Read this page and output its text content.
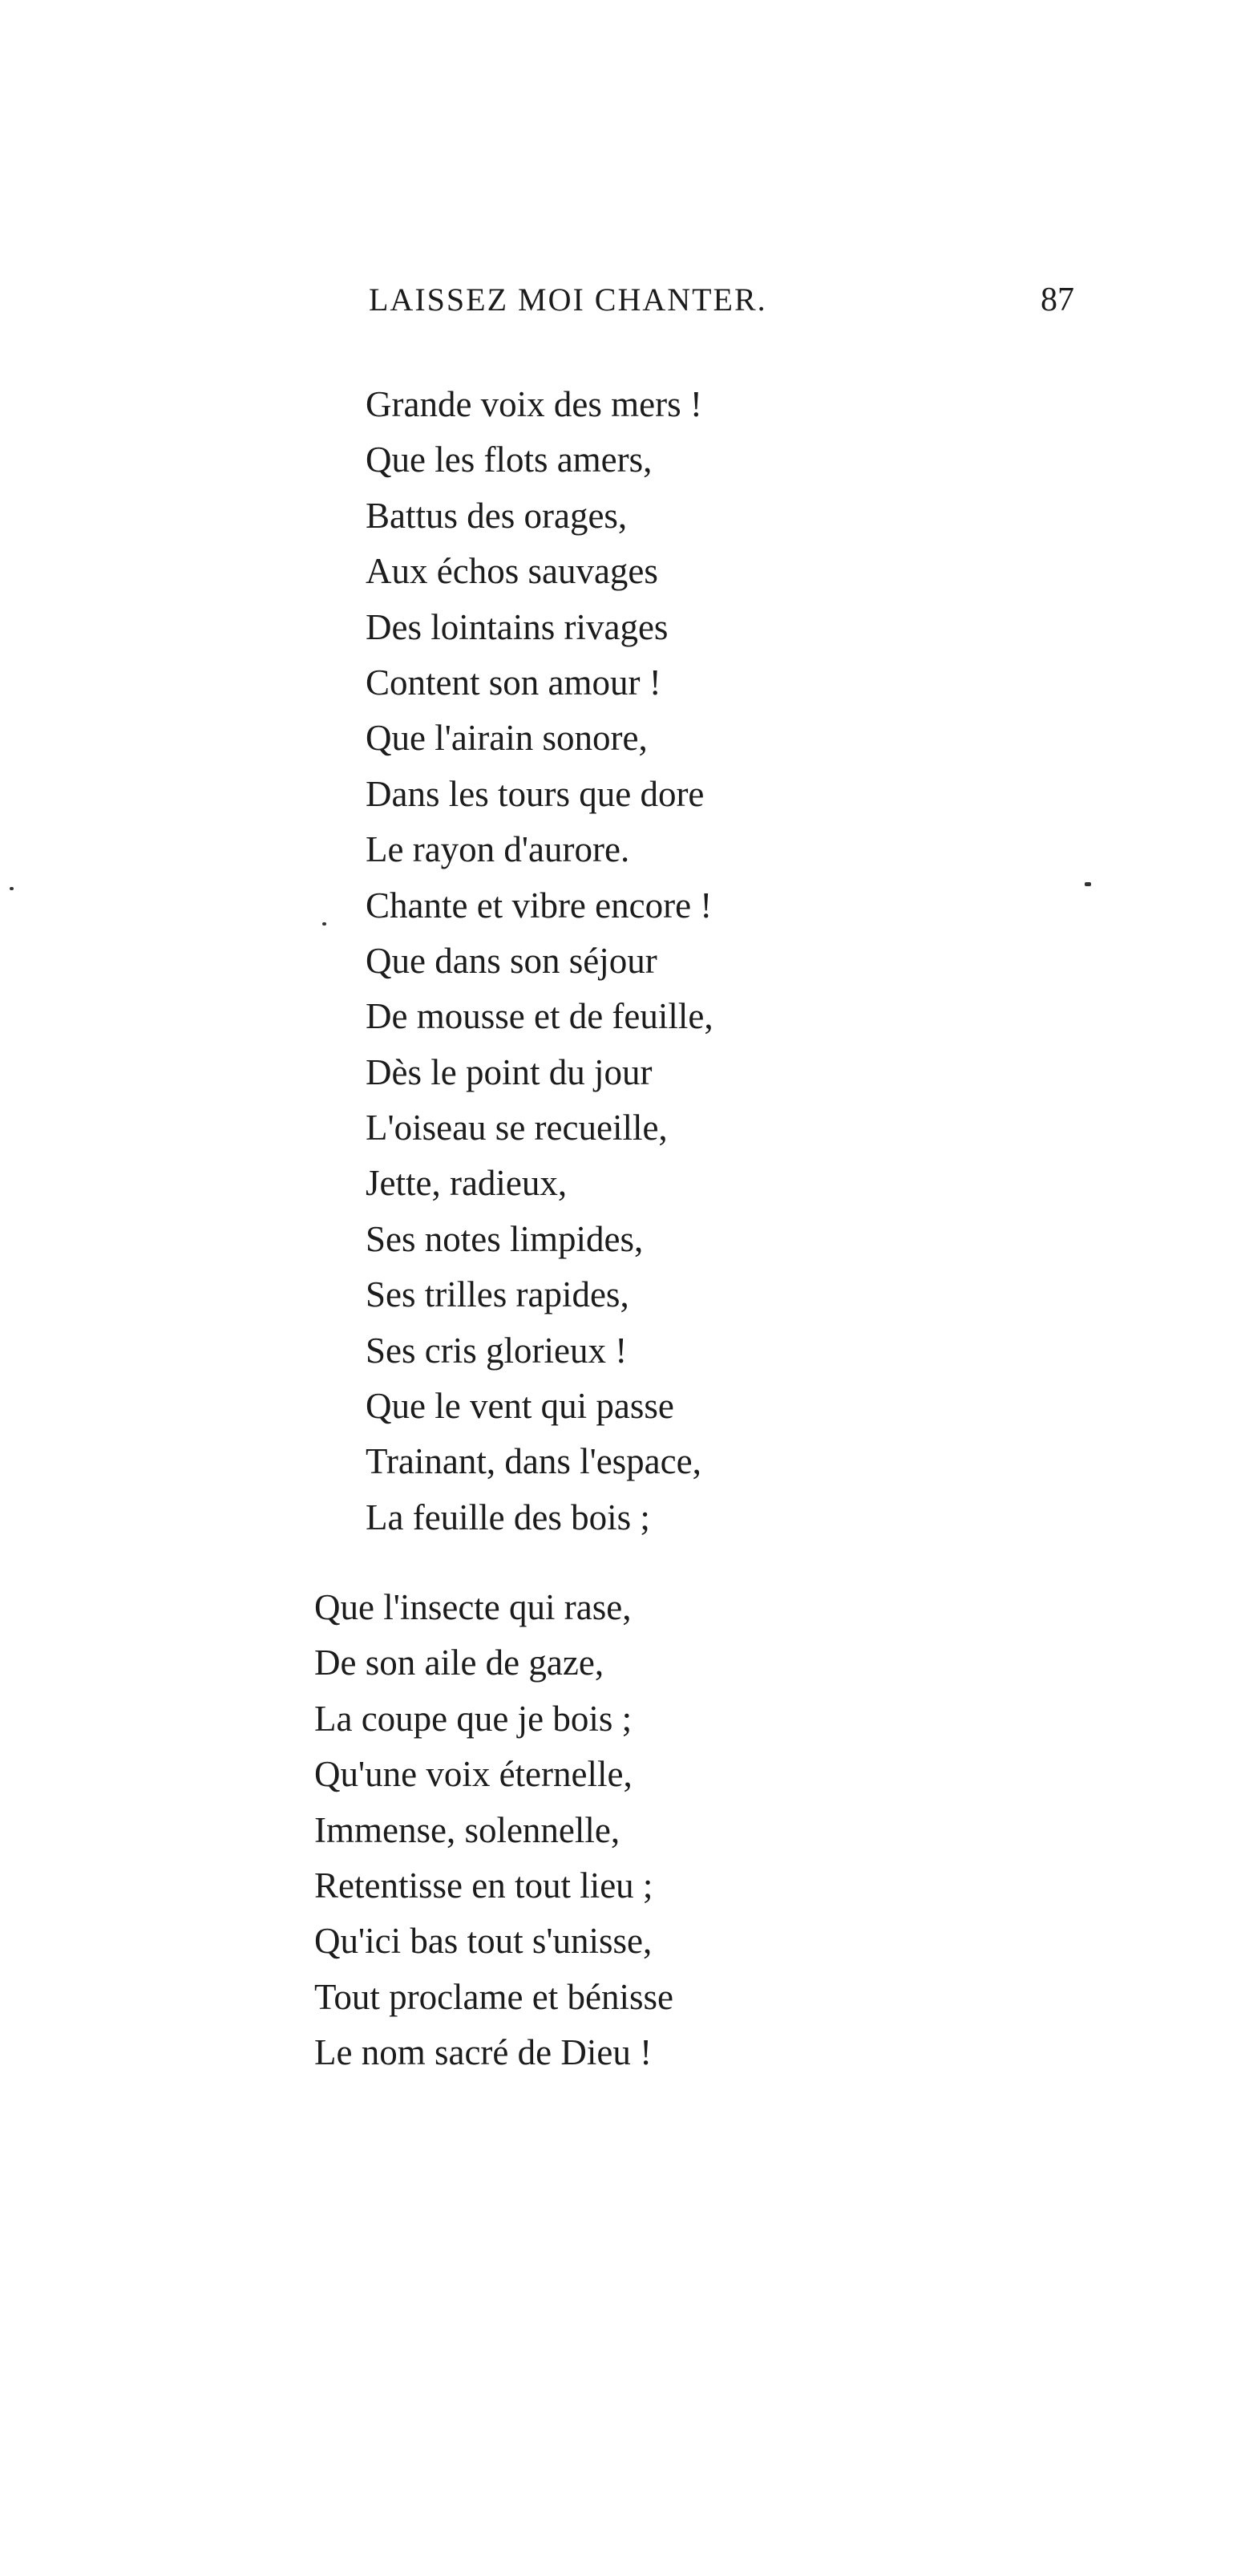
LAISSEZ MOI CHANTER.	87
Grande voix des mers !
Que les flots amers,
Battus des orages,
Aux échos sauvages
Des lointains rivages
Content son amour !
Que l'airain sonore,
Dans les tours que dore
Le rayon d'aurore.
Chante et vibre encore !
Que dans son séjour
De mousse et de feuille,
Dès le point du jour
L'oiseau se recueille,
Jette, radieux,
Ses notes limpides,
Ses trilles rapides,
Ses cris glorieux !
Que le vent qui passe
Trainant, dans l'espace,
La feuille des bois ;
Que l'insecte qui rase,
De son aile de gaze,
La coupe que je bois ;
Qu'une voix éternelle,
Immense, solennelle,
Retentisse en tout lieu ;
Qu'ici bas tout s'unisse,
Tout proclame et bénisse
Le nom sacré de Dieu !
